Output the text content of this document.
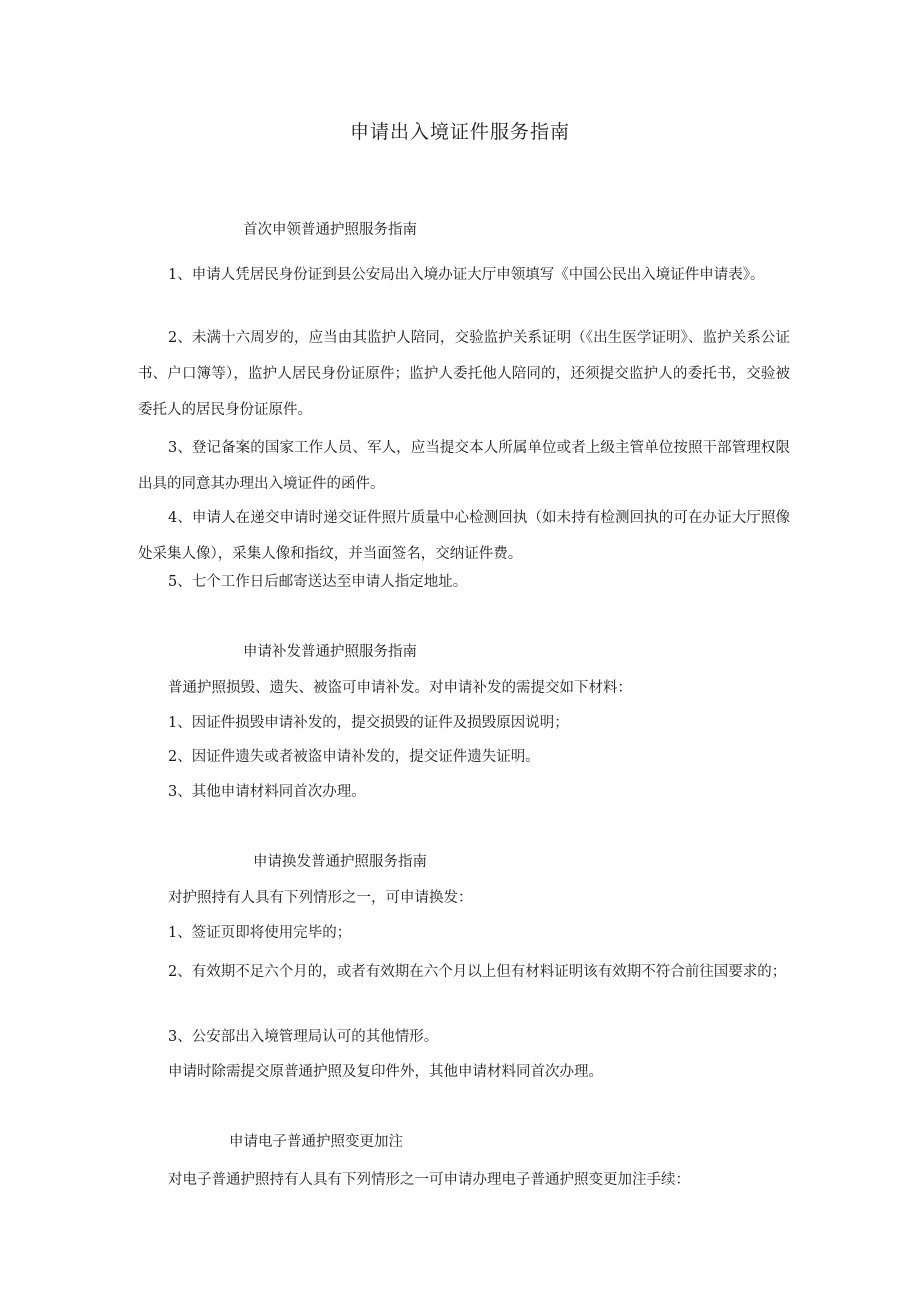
申请出入境证件服务指南
首次申领普通护照服务指南

1、申请人凭居民身份证到县公安局出入境办证大厅申领填写《中国公民出入境证件申请表》。

2、未满十六周岁的，应当由其监护人陪同，交验监护关系证明（《出生医学证明》、监护关系公证书、户口簿等），监护人居民身份证原件；监护人委托他人陪同的，还须提交监护人的委托书，交验被委托人的居民身份证原件。

3、登记备案的国家工作人员、军人，应当提交本人所属单位或者上级主管单位按照干部管理权限出具的同意其办理出入境证件的函件。

4、申请人在递交申请时递交证件照片质量中心检测回执（如未持有检测回执的可在办证大厅照像处采集人像），采集人像和指纹，并当面签名，交纳证件费。

5、七个工作日后邮寄送达至申请人指定地址。

申请补发普通护照服务指南

普通护照损毁、遗失、被盗可申请补发。对申请补发的需提交如下材料：

1、因证件损毁申请补发的，提交损毁的证件及损毁原因说明；

2、因证件遗失或者被盗申请补发的，提交证件遗失证明。

3、其他申请材料同首次办理。

申请换发普通护照服务指南

对护照持有人具有下列情形之一，可申请换发：

1、签证页即将使用完毕的；

2、有效期不足六个月的，或者有效期在六个月以上但有材料证明该有效期不符合前往国要求的；

3、公安部出入境管理局认可的其他情形。

申请时除需提交原普通护照及复印件外，其他申请材料同首次办理。

申请电子普通护照变更加注

对电子普通护照持有人具有下列情形之一可申请办理电子普通护照变更加注手续：
